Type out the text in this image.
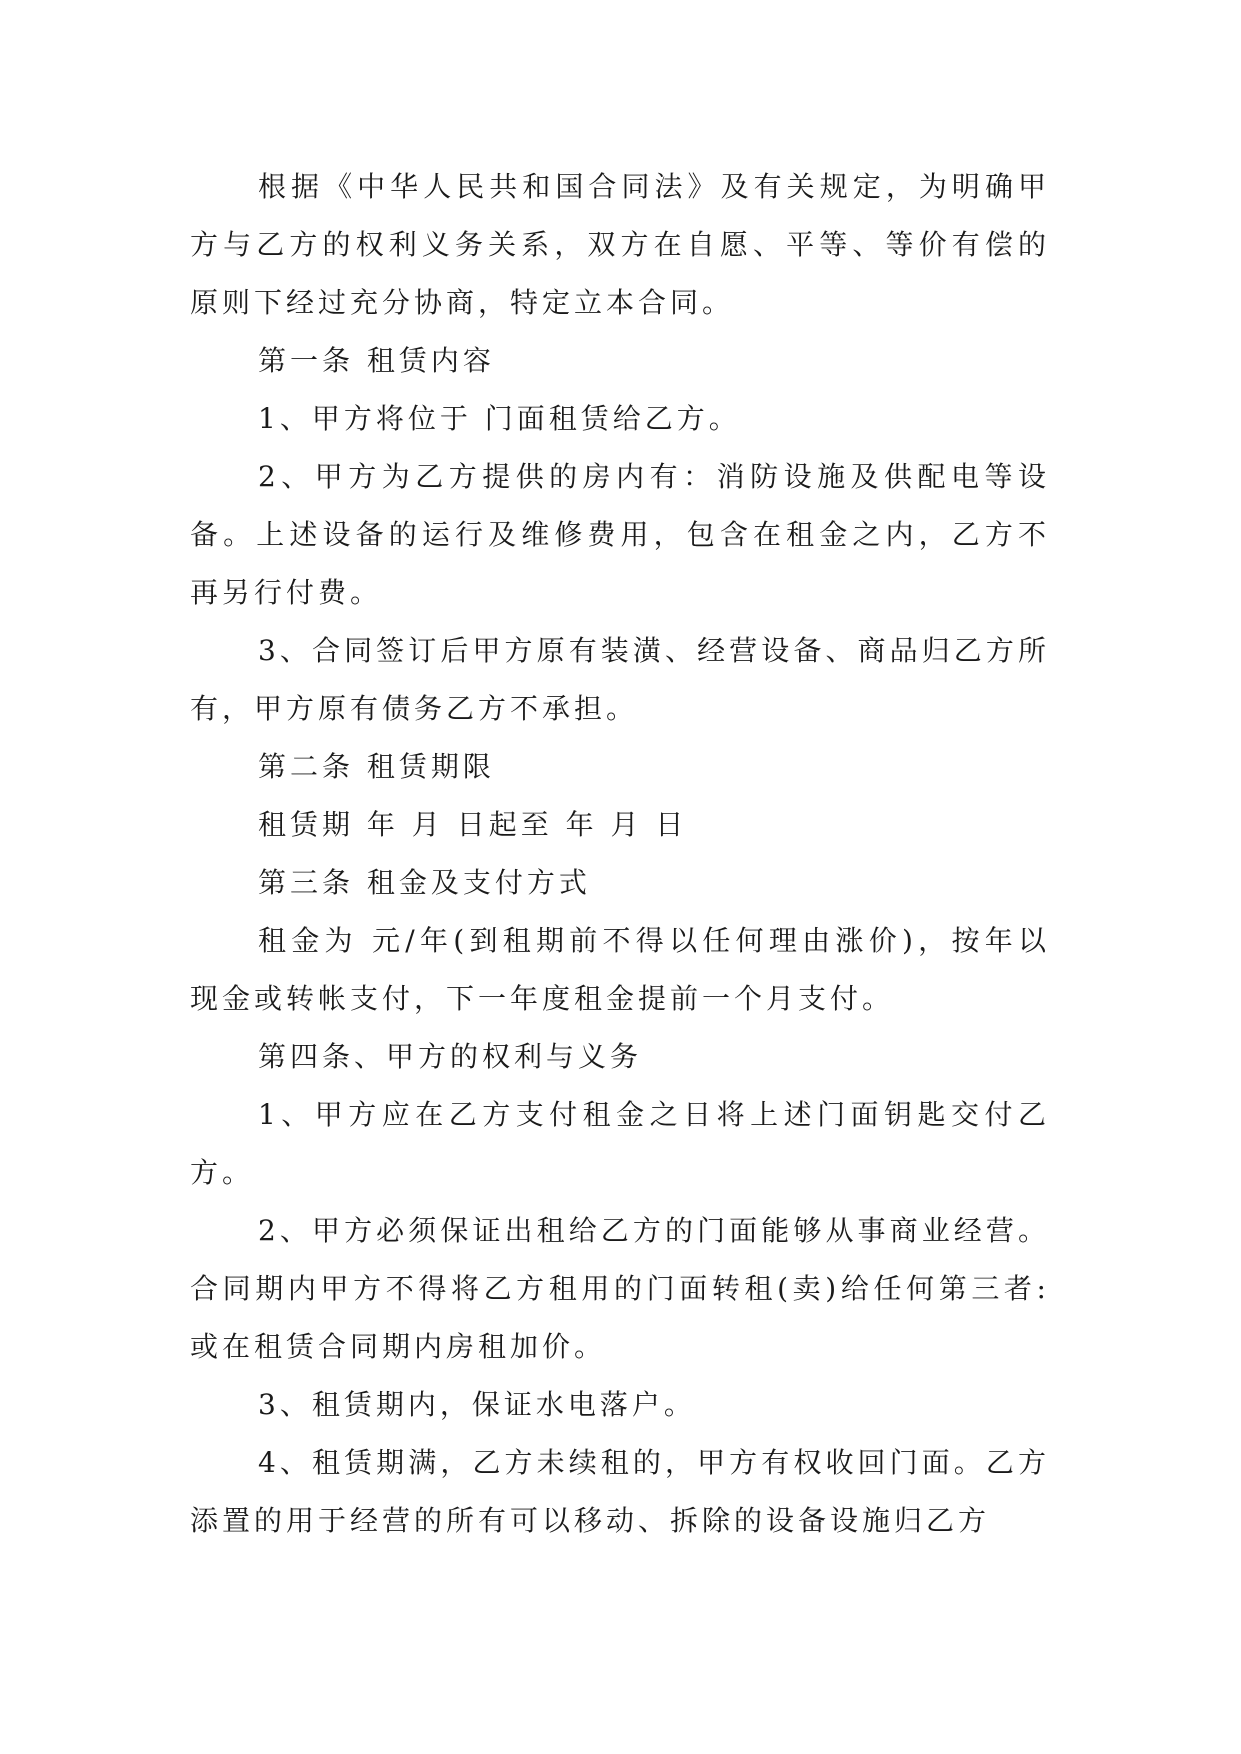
根据《中华人民共和国合同法》及有关规定，为明确甲方与乙方的权利义务关系，双方在自愿、平等、等价有偿的原则下经过充分协商，特定立本合同。

第一条 租赁内容

1、甲方将位于 门面租赁给乙方。

2、甲方为乙方提供的房内有：消防设施及供配电等设备。上述设备的运行及维修费用，包含在租金之内，乙方不再另行付费。

3、合同签订后甲方原有装潢、经营设备、商品归乙方所有，甲方原有债务乙方不承担。

第二条 租赁期限

租赁期 年 月 日起至 年 月 日

第三条 租金及支付方式

租金为 元/年(到租期前不得以任何理由涨价)，按年以现金或转帐支付，下一年度租金提前一个月支付。

第四条、甲方的权利与义务

1、甲方应在乙方支付租金之日将上述门面钥匙交付乙方。

2、甲方必须保证出租给乙方的门面能够从事商业经营。合同期内甲方不得将乙方租用的门面转租(卖)给任何第三者:或在租赁合同期内房租加价。

3、租赁期内，保证水电落户。

4、租赁期满，乙方未续租的，甲方有权收回门面。乙方添置的用于经营的所有可以移动、拆除的设备设施归乙方
